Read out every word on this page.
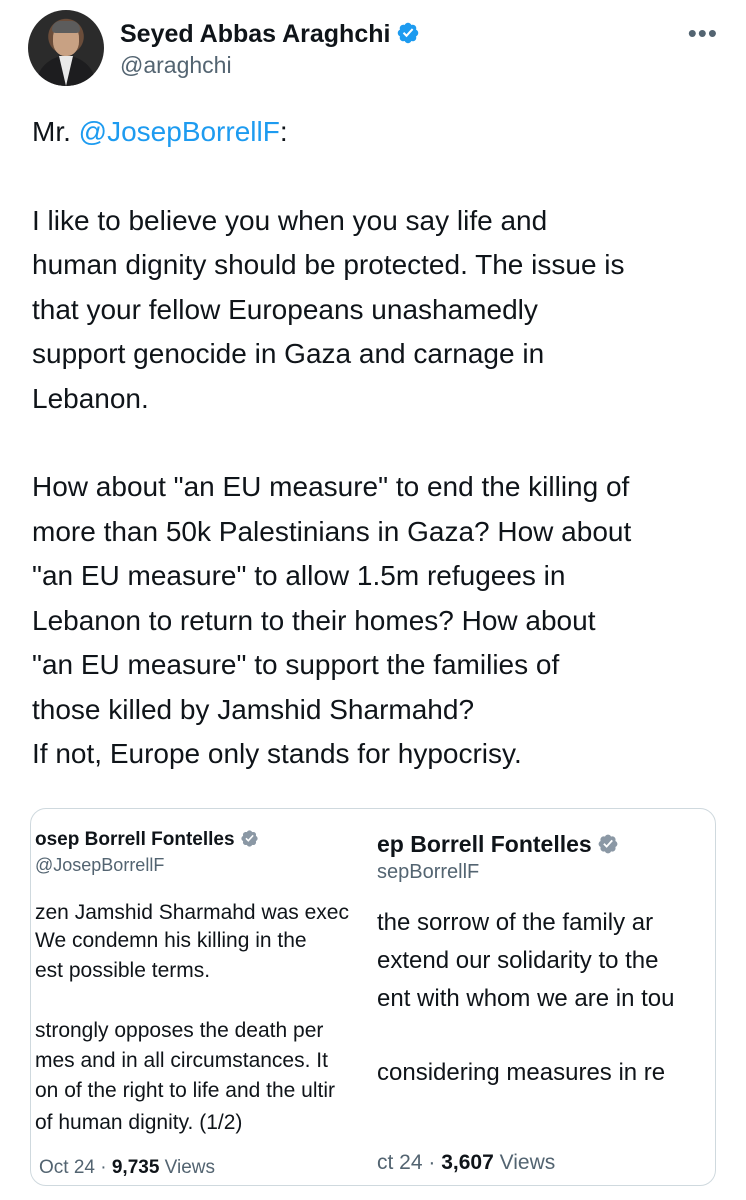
Seyed Abbas Araghchi
@araghchi
•••

Mr. @JosepBorrellF:

I like to believe you when you say life and

human dignity should be protected. The issue is

that your fellow Europeans unashamedly

support genocide in Gaza and carnage in

Lebanon.

How about "an EU measure" to end the killing of

more than 50k Palestinians in Gaza? How about

"an EU measure" to allow 1.5m refugees in

Lebanon to return to their homes? How about

"an EU measure" to support the families of

those killed by Jamshid Sharmahd?

If not, Europe only stands for hypocrisy.

osep Borrell Fontelles
@JosepBorrellF
zen Jamshid Sharmahd was exec
We condemn his killing in the
est possible terms.
strongly opposes the death per
mes and in all circumstances. It
on of the right to life and the ultir
of human dignity. (1/2)
Oct 24 · 9,735 Views
ep Borrell Fontelles
sepBorrellF
the sorrow of the family ar
extend our solidarity to the
ent with whom we are in tou
considering measures in re
ct 24 · 3,607 Views
